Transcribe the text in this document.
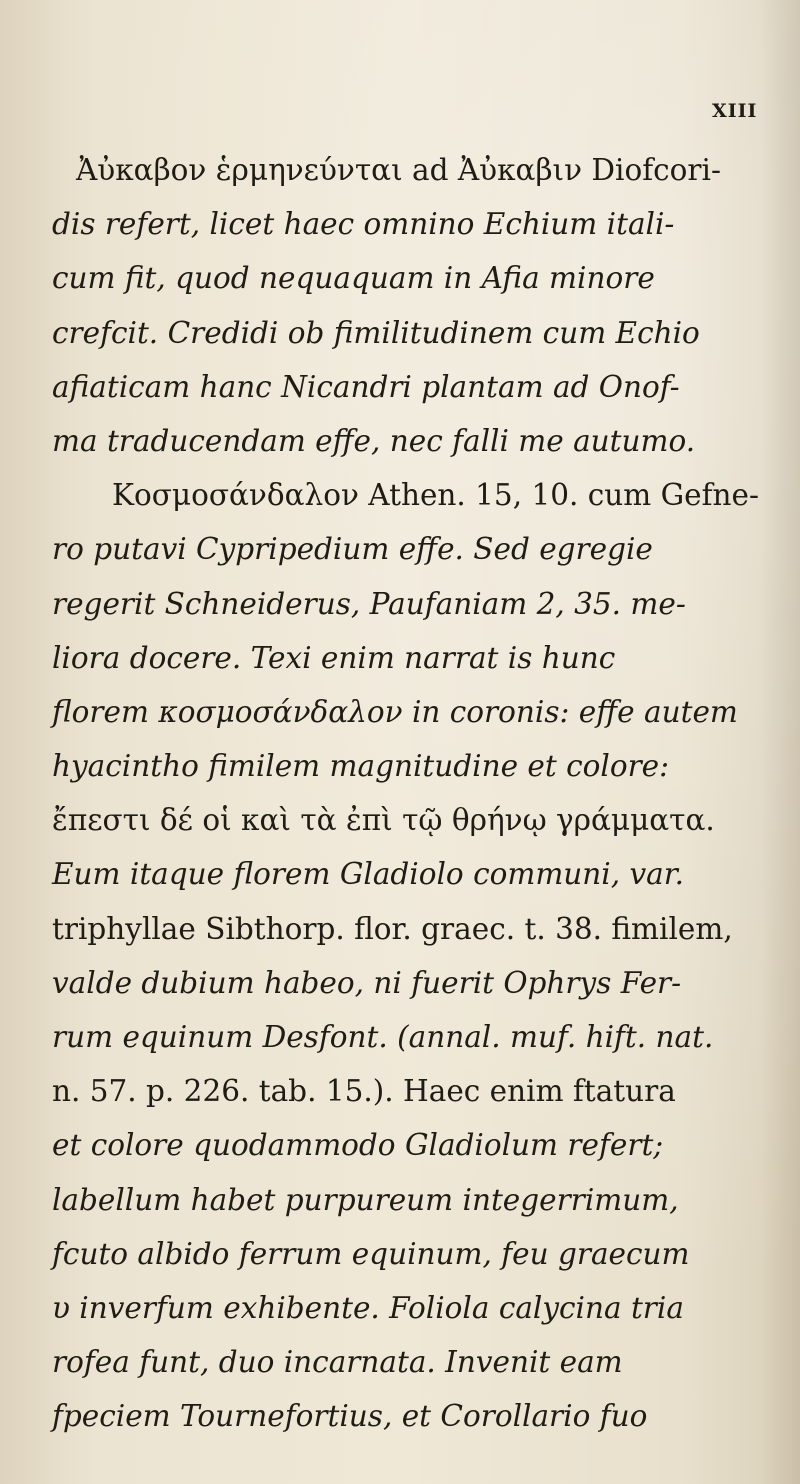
XIII
Ἀὐκαβον ἑρμηνεύνται ad Ἀὐκαβιν Diofcori-
dis refert, licet haec omnino Echium itali-
cum fit, quod nequaquam in Afia minore
crefcit. Credidi ob fimilitudinem cum Echio
afiaticam hanc Nicandri plantam ad Onof-
ma traducendam effe, nec falli me autumo.
Κοσμοσάνδαλον Athen. 15, 10. cum Gefne-
ro putavi Cypripedium effe. Sed egregie
regerit Schneiderus, Paufaniam 2, 35. me-
liora docere. Texi enim narrat is hunc
florem κοσμοσάνδαλον in coronis: effe autem
hyacintho fimilem magnitudine et colore:
ἔπεστι δέ οἱ καὶ τὰ ἐπὶ τῷ θρήνῳ γράμματα.
Eum itaque florem Gladiolo communi, var.
triphyllae Sibthorp. flor. graec. t. 38. fimilem,
valde dubium habeo, ni fuerit Ophrys Fer-
rum equinum Desfont. (annal. muf. hift. nat.
n. 57. p. 226. tab. 15.). Haec enim ftatura
et colore quodammodo Gladiolum refert;
labellum habet purpureum integerrimum,
fcuto albido ferrum equinum, feu graecum
υ inverfum exhibente. Foliola calycina tria
rofea funt, duo incarnata. Invenit eam
fpeciem Tournefortius, et Corollario fuo
